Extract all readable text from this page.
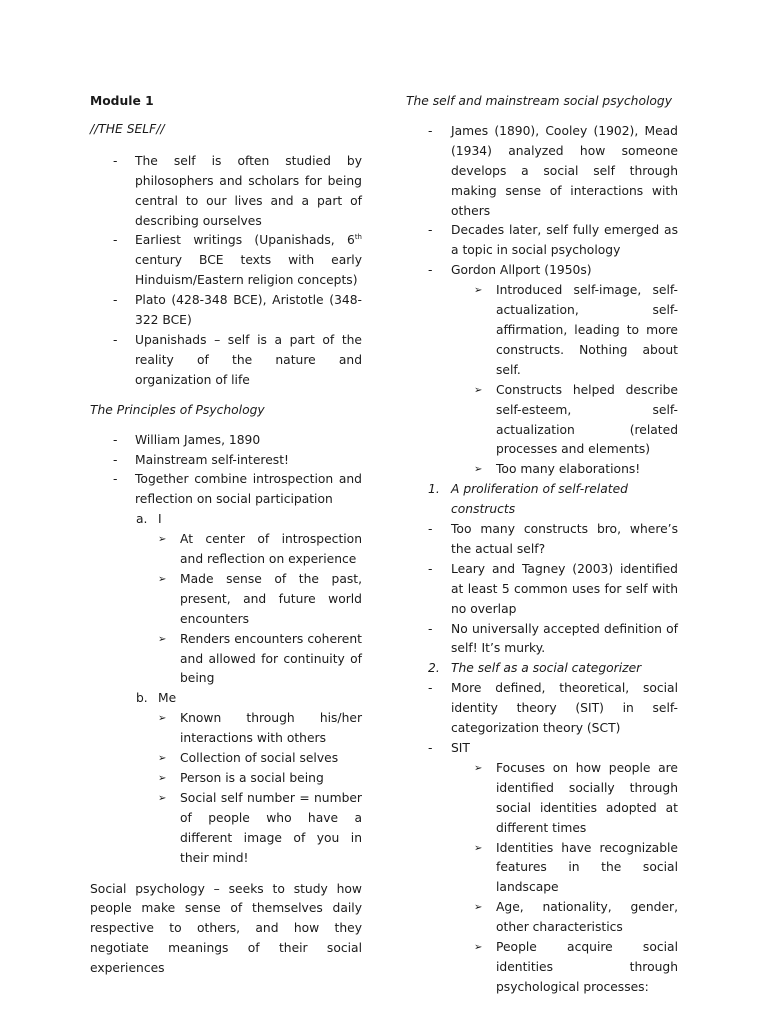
Module 1

//THE SELF//

- The self is often studied by philosophers and scholars for being central to our lives and a part of describing ourselves
- Earliest writings (Upanishads, 6th century BCE texts with early Hinduism/Eastern religion concepts)
- Plato (428-348 BCE), Aristotle (348-322 BCE)
- Upanishads – self is a part of the reality of the nature and organization of life

The Principles of Psychology

- William James, 1890
- Mainstream self-interest!
- Together combine introspection and reflection on social participation
a. I
➢ At center of introspection and reflection on experience
➢ Made sense of the past, present, and future world encounters
➢ Renders encounters coherent and allowed for continuity of being
b. Me
➢ Known through his/her interactions with others
➢ Collection of social selves
➢ Person is a social being
➢ Social self number = number of people who have a different image of you in their mind!

Social psychology – seeks to study how people make sense of themselves daily respective to others, and how they negotiate meanings of their social experiences

The self and mainstream social psychology

- James (1890), Cooley (1902), Mead (1934) analyzed how someone develops a social self through making sense of interactions with others
- Decades later, self fully emerged as a topic in social psychology
- Gordon Allport (1950s)
➢ Introduced self-image, self-actualization, self-affirmation, leading to more constructs. Nothing about self.
➢ Constructs helped describe self-esteem, self-actualization (related processes and elements)
➢ Too many elaborations!
1. A proliferation of self-related constructs
- Too many constructs bro, where’s the actual self?
- Leary and Tagney (2003) identified at least 5 common uses for self with no overlap
- No universally accepted definition of self! It’s murky.
2. The self as a social categorizer
- More defined, theoretical, social identity theory (SIT) in self-categorization theory (SCT)
- SIT
➢ Focuses on how people are identified socially through social identities adopted at different times
➢ Identities have recognizable features in the social landscape
➢ Age, nationality, gender, other characteristics
➢ People acquire social identities through psychological processes:
